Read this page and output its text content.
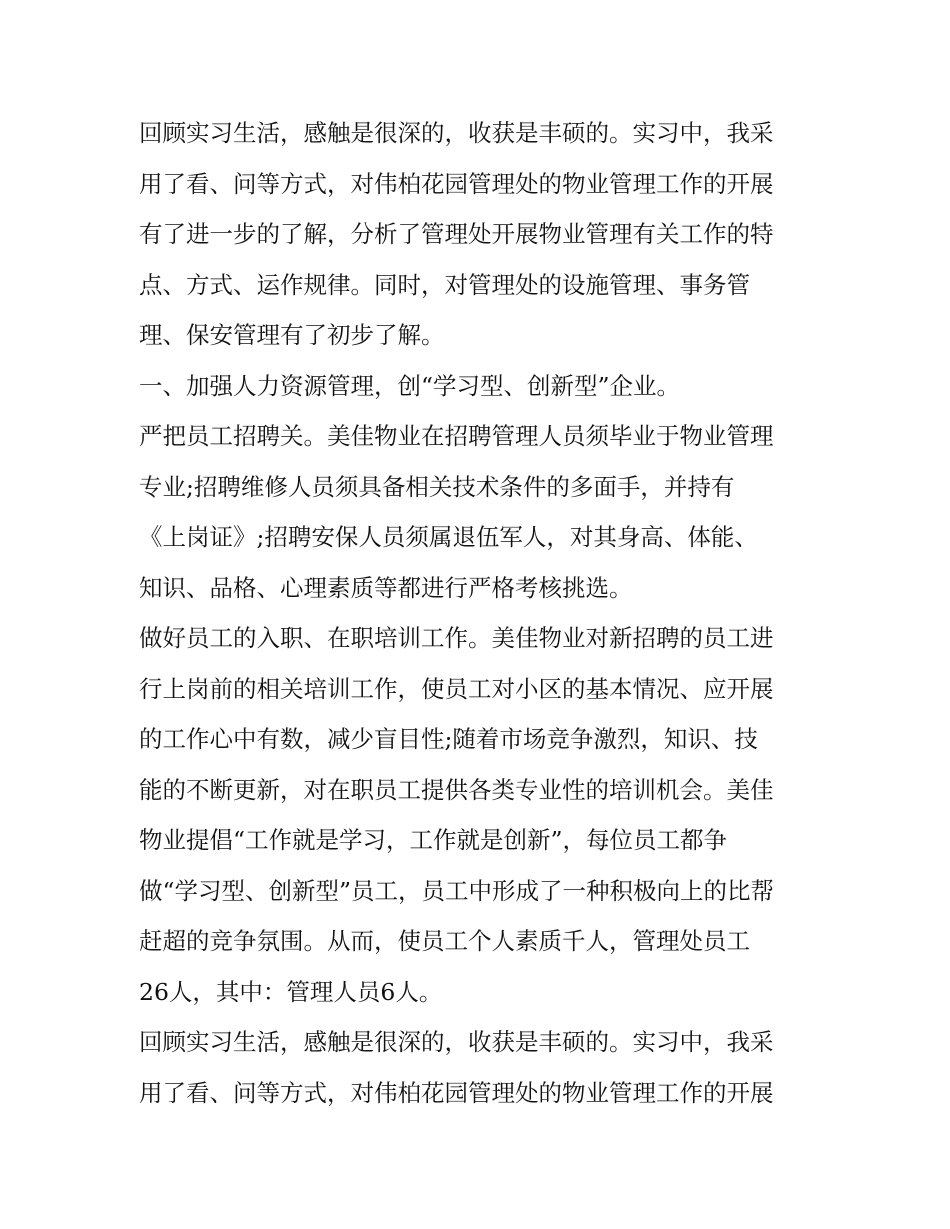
回顾实习生活，感触是很深的，收获是丰硕的。实习中，我采
用了看、问等方式，对伟柏花园管理处的物业管理工作的开展
有了进一步的了解，分析了管理处开展物业管理有关工作的特
点、方式、运作规律。同时，对管理处的设施管理、事务管
理、保安管理有了初步了解。
一、加强人力资源管理，创“学习型、创新型”企业。
严把员工招聘关。美佳物业在招聘管理人员须毕业于物业管理
专业;招聘维修人员须具备相关技术条件的多面手，并持有
《上岗证》;招聘安保人员须属退伍军人，对其身高、体能、
知识、品格、心理素质等都进行严格考核挑选。
做好员工的入职、在职培训工作。美佳物业对新招聘的员工进
行上岗前的相关培训工作，使员工对小区的基本情况、应开展
的工作心中有数，减少盲目性;随着市场竞争激烈，知识、技
能的不断更新，对在职员工提供各类专业性的培训机会。美佳
物业提倡“工作就是学习，工作就是创新”，每位员工都争
做“学习型、创新型”员工，员工中形成了一种积极向上的比帮
赶超的竞争氛围。从而，使员工个人素质千人，管理处员工
26人，其中：管理人员6人。
回顾实习生活，感触是很深的，收获是丰硕的。实习中，我采
用了看、问等方式，对伟柏花园管理处的物业管理工作的开展
